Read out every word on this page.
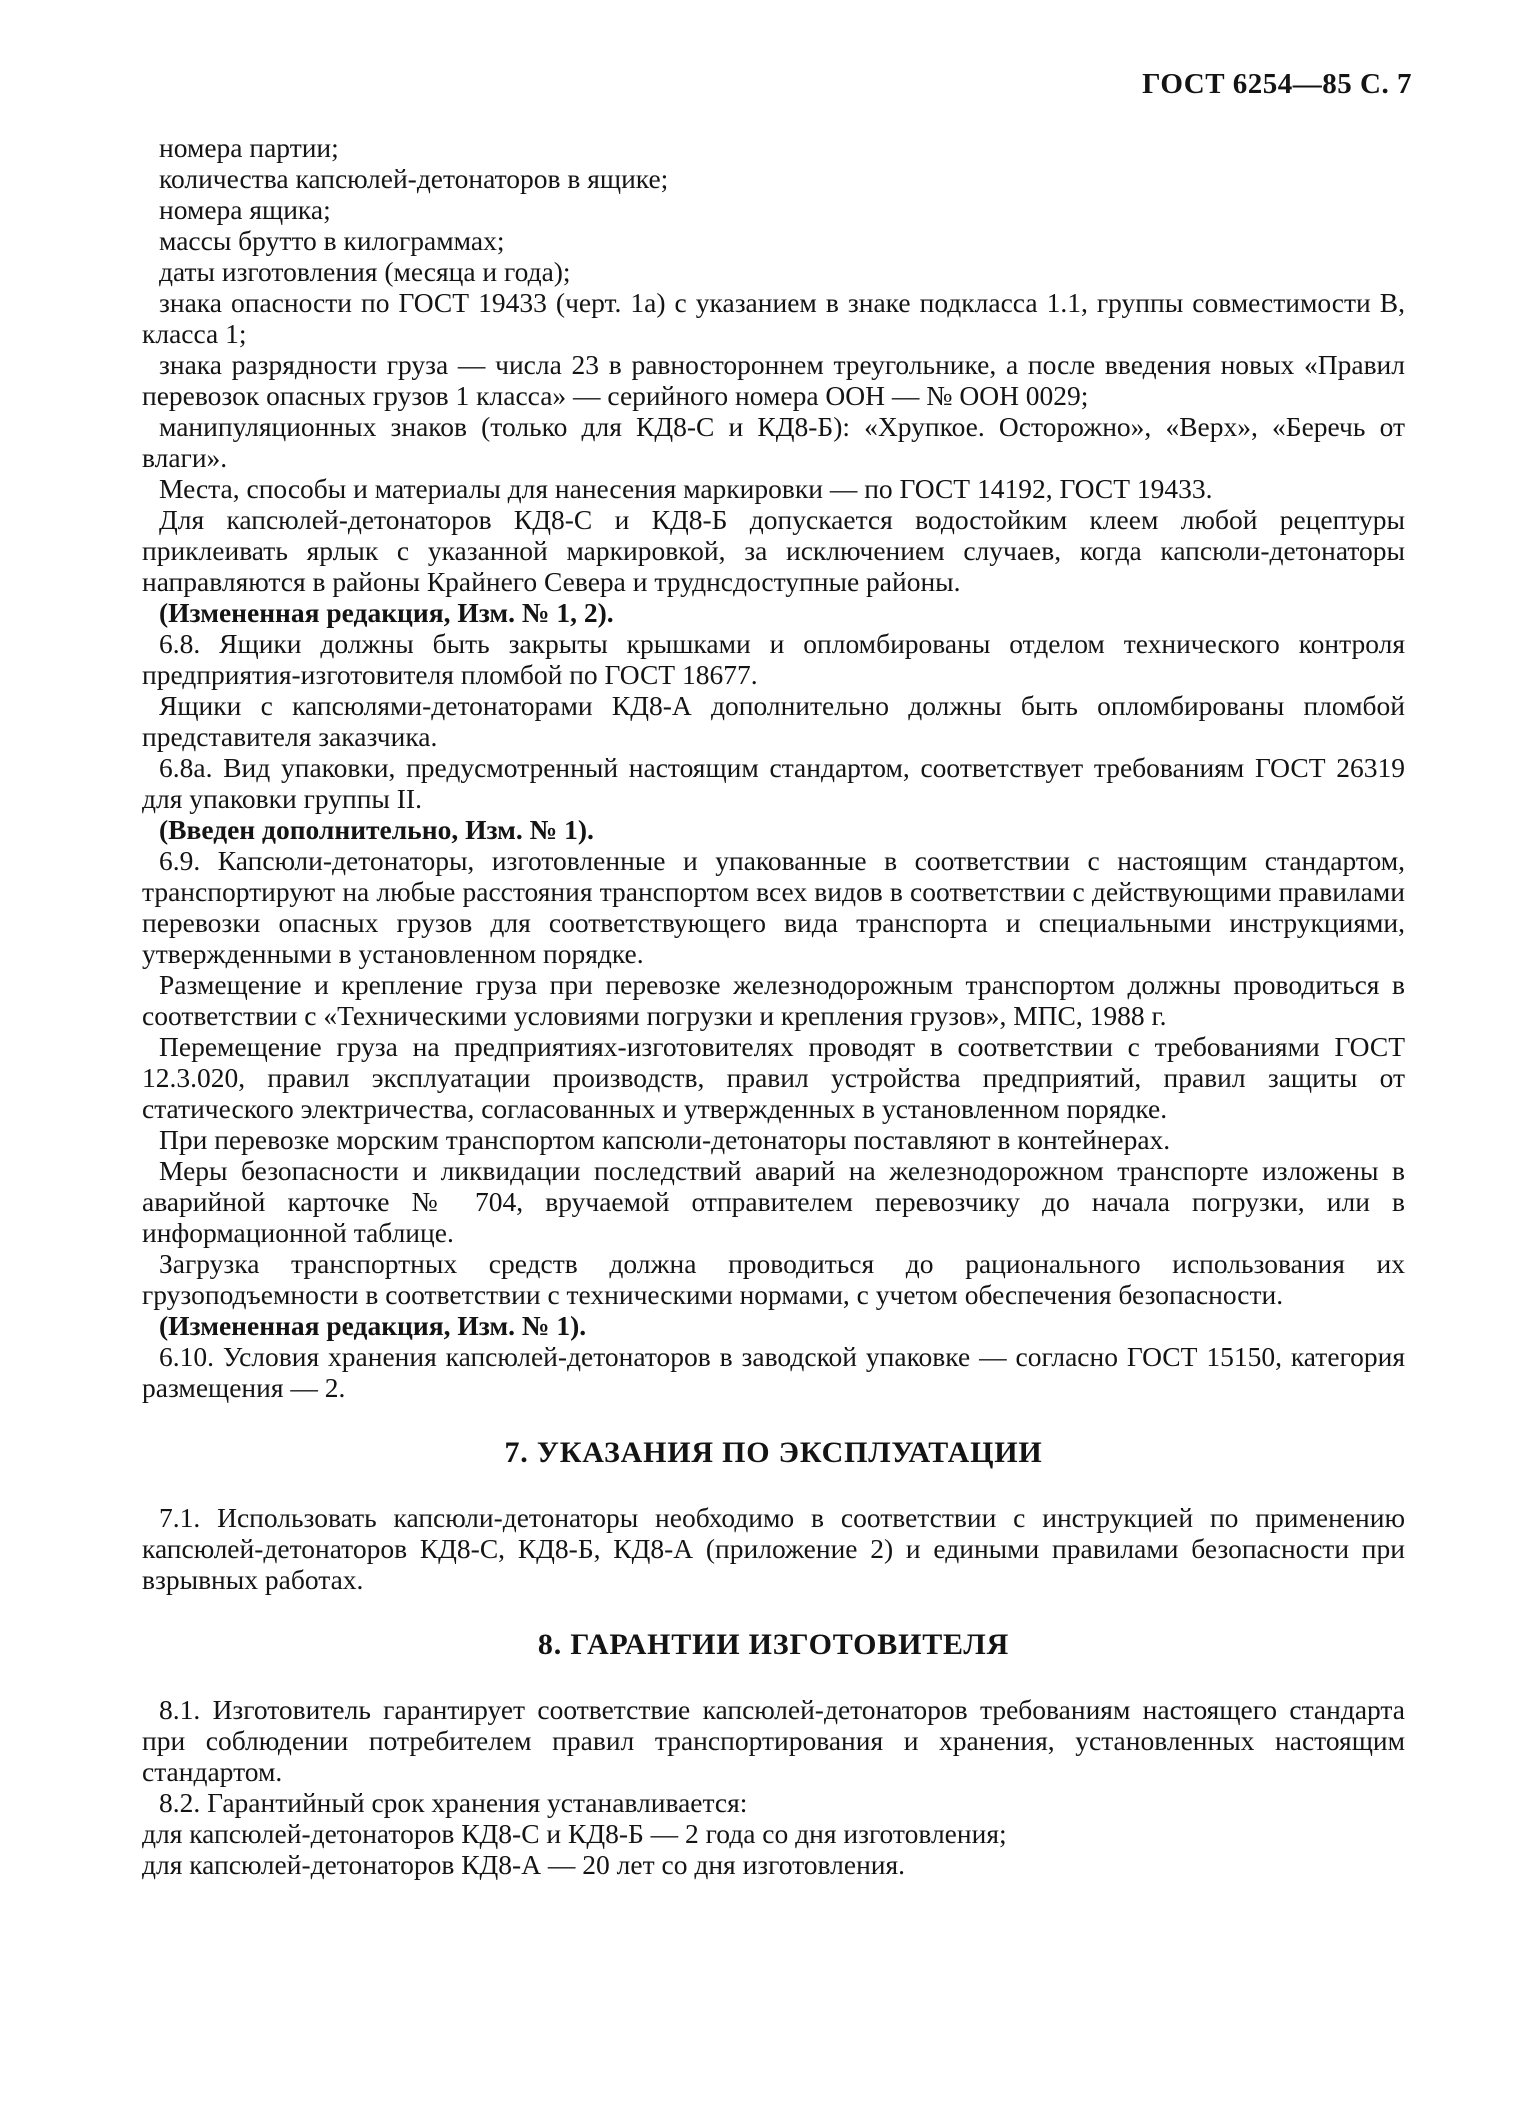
ГОСТ 6254—85 С. 7

номера партии;

количества капсюлей-детонаторов в ящике;

номера ящика;

массы брутто в килограммах;

даты изготовления (месяца и года);

знака опасности по ГОСТ 19433 (черт. 1а) с указанием в знаке подкласса 1.1, группы совместимости В, класса 1;

знака разрядности груза — числа 23 в равностороннем треугольнике, а после введения новых «Правил перевозок опасных грузов 1 класса» — серийного номера ООН — № ООН 0029;

манипуляционных знаков (только для КД8-С и КД8-Б): «Хрупкое. Осторожно», «Верх», «Беречь от влаги».

Места, способы и материалы для нанесения маркировки — по ГОСТ 14192, ГОСТ 19433.

Для капсюлей-детонаторов КД8-С и КД8-Б допускается водостойким клеем любой рецептуры приклеивать ярлык с указанной маркировкой, за исключением случаев, когда капсюли-детонаторы направляются в районы Крайнего Севера и труднсдоступные районы.

(Измененная редакция, Изм. № 1, 2).

6.8. Ящики должны быть закрыты крышками и опломбированы отделом технического контроля предприятия-изготовителя пломбой по ГОСТ 18677.

Ящики с капсюлями-детонаторами КД8-А дополнительно должны быть опломбированы пломбой представителя заказчика.

6.8а. Вид упаковки, предусмотренный настоящим стандартом, соответствует требованиям ГОСТ 26319 для упаковки группы II.

(Введен дополнительно, Изм. № 1).

6.9. Капсюли-детонаторы, изготовленные и упакованные в соответствии с настоящим стандартом, транспортируют на любые расстояния транспортом всех видов в соответствии с действующими правилами перевозки опасных грузов для соответствующего вида транспорта и специальными инструкциями, утвержденными в установленном порядке.

Размещение и крепление груза при перевозке железнодорожным транспортом должны проводиться в соответствии с «Техническими условиями погрузки и крепления грузов», МПС, 1988 г.

Перемещение груза на предприятиях-изготовителях проводят в соответствии с требованиями ГОСТ 12.3.020, правил эксплуатации производств, правил устройства предприятий, правил защиты от статического электричества, согласованных и утвержденных в установленном порядке.

При перевозке морским транспортом капсюли-детонаторы поставляют в контейнерах.

Меры безопасности и ликвидации последствий аварий на железнодорожном транспорте изложены в аварийной карточке № 704, вручаемой отправителем перевозчику до начала погрузки, или в информационной таблице.

Загрузка транспортных средств должна проводиться до рационального использования их грузоподъемности в соответствии с техническими нормами, с учетом обеспечения безопасности.

(Измененная редакция, Изм. № 1).

6.10. Условия хранения капсюлей-детонаторов в заводской упаковке — согласно ГОСТ 15150, категория размещения — 2.

7. УКАЗАНИЯ ПО ЭКСПЛУАТАЦИИ

7.1. Использовать капсюли-детонаторы необходимо в соответствии с инструкцией по применению капсюлей-детонаторов КД8-С, КД8-Б, КД8-А (приложение 2) и едиными правилами безопасности при взрывных работах.

8. ГАРАНТИИ ИЗГОТОВИТЕЛЯ

8.1. Изготовитель гарантирует соответствие капсюлей-детонаторов требованиям настоящего стандарта при соблюдении потребителем правил транспортирования и хранения, установленных настоящим стандартом.

8.2. Гарантийный срок хранения устанавливается:

для капсюлей-детонаторов КД8-С и КД8-Б — 2 года со дня изготовления;

для капсюлей-детонаторов КД8-А — 20 лет со дня изготовления.
